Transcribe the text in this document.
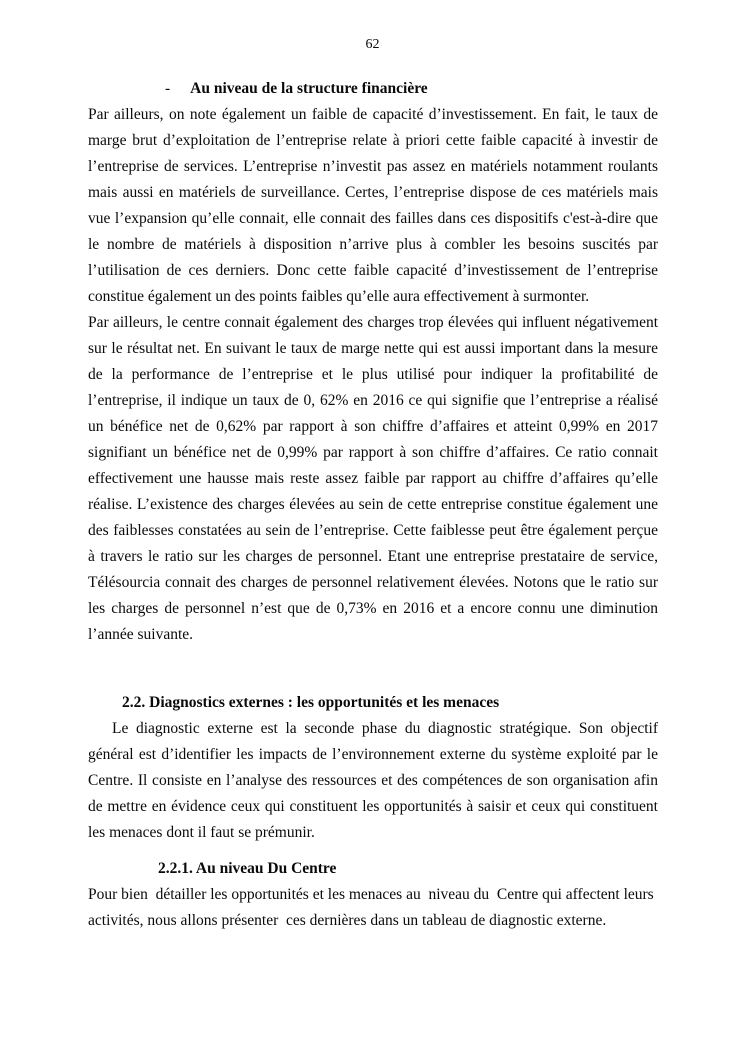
62
- Au niveau de la structure financière

Par ailleurs, on note également un faible de capacité d’investissement. En fait, le taux de marge brut d’exploitation de l’entreprise relate à priori cette faible capacité à investir de l’entreprise de services. L’entreprise n’investit pas assez en matériels notamment roulants mais aussi en matériels de surveillance. Certes, l’entreprise dispose de ces matériels mais vue l’expansion qu’elle connait, elle connait des failles dans ces dispositifs c'est-à-dire que le nombre de matériels à disposition n’arrive plus à combler les besoins suscités par l’utilisation de ces derniers. Donc cette faible capacité d’investissement de l’entreprise constitue également un des points faibles qu’elle aura effectivement à surmonter.

Par ailleurs, le centre connait également des charges trop élevées qui influent négativement sur le résultat net. En suivant le taux de marge nette qui est aussi important dans la mesure de la performance de l’entreprise et le plus utilisé pour indiquer la profitabilité de l’entreprise, il indique un taux de 0, 62% en 2016 ce qui signifie que l’entreprise a réalisé un bénéfice net de 0,62% par rapport à son chiffre d’affaires et atteint 0,99% en 2017 signifiant un bénéfice net de 0,99% par rapport à son chiffre d’affaires. Ce ratio connait effectivement une hausse mais reste assez faible par rapport au chiffre d’affaires qu’elle réalise. L’existence des charges élevées au sein de cette entreprise constitue également une des faiblesses constatées au sein de l’entreprise. Cette faiblesse peut être également perçue à travers le ratio sur les charges de personnel. Etant une entreprise prestataire de service, Télésourcia connait des charges de personnel relativement élevées. Notons que le ratio sur les charges de personnel n’est que de 0,73% en 2016 et a encore connu une diminution l’année suivante.

2.2. Diagnostics externes : les opportunités et les menaces

Le diagnostic externe est la seconde phase du diagnostic stratégique. Son objectif général est d’identifier les impacts de l’environnement externe du système exploité par le Centre. Il consiste en l’analyse des ressources et des compétences de son organisation afin de mettre en évidence ceux qui constituent les opportunités à saisir et ceux qui constituent les menaces dont il faut se prémunir.

2.2.1. Au niveau Du Centre

Pour bien  détailler les opportunités et les menaces au  niveau du  Centre qui affectent leurs activités, nous allons présenter  ces dernières dans un tableau de diagnostic externe.
